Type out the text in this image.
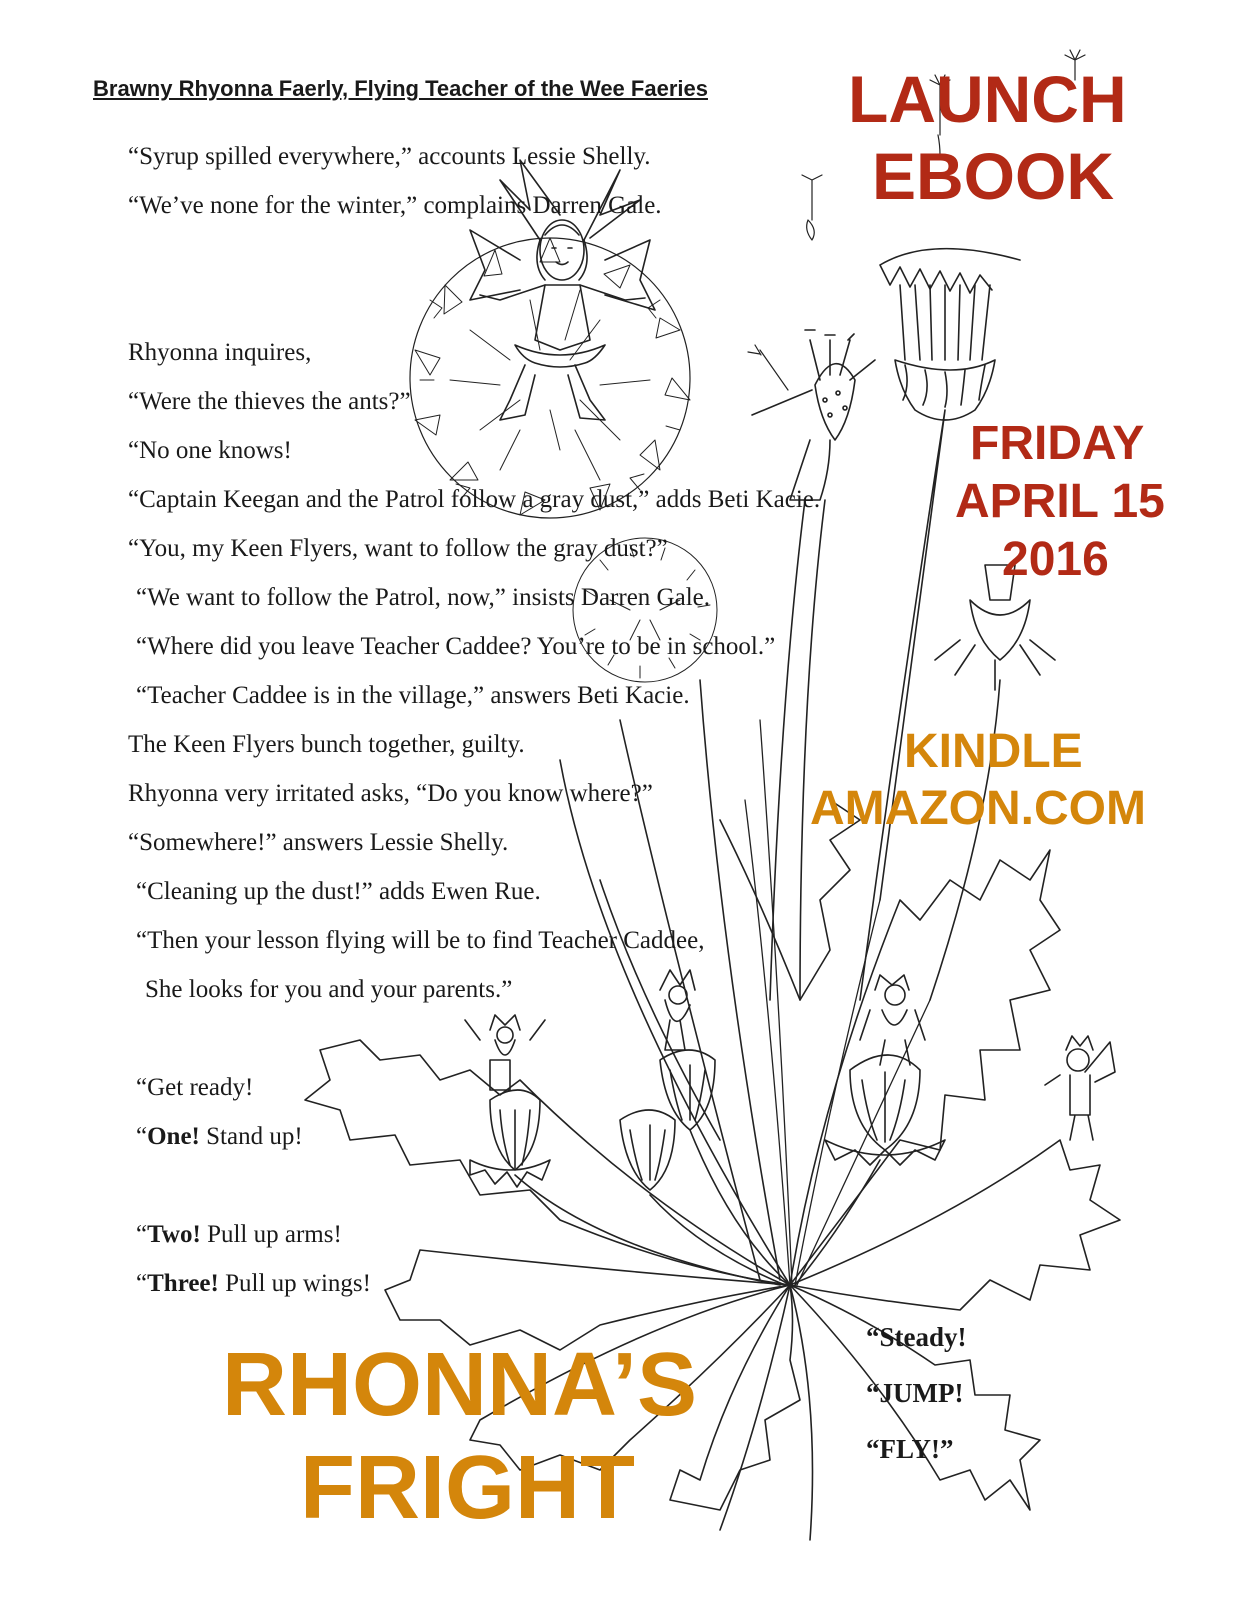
Brawny Rhyonna Faerly, Flying Teacher of the Wee Faeries
“Syrup spilled everywhere,” accounts Lessie Shelly.
“We’ve none for the winter,” complains Darren Gale.
Rhyonna inquires,
“Were the thieves the ants?”
“No one knows!
“Captain Keegan and the Patrol follow a gray dust,” adds Beti Kacie.
“You, my Keen Flyers, want to follow the gray dust?”
“We want to follow the Patrol, now,” insists Darren Gale.
“Where did you leave Teacher Caddee? You’re to be in school.”
“Teacher Caddee is in the village,” answers Beti Kacie.
The Keen Flyers bunch together, guilty.
Rhyonna very irritated asks, “Do you know where?”
“Somewhere!” answers Lessie Shelly.
“Cleaning up the dust!” adds Ewen Rue.
“Then your lesson flying will be to find Teacher Caddee,
She looks for you and your parents.”
“Get ready!
“One! Stand up!
“Two! Pull up arms!
“Three! Pull up wings!
“Steady!
“JUMP!
“FLY!”
LAUNCH
EBOOK
FRIDAY
APRIL 15
2016
KINDLE
AMAZON.COM
RHONNA’S
FRIGHT
